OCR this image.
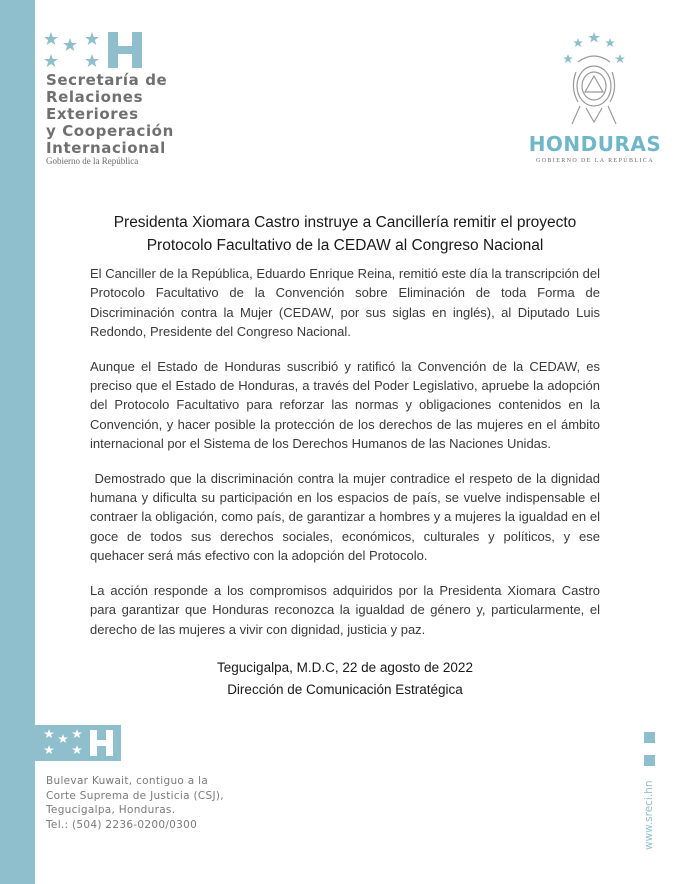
Secretaría de
Relaciones
Exteriores
y Cooperación
Internacional
Gobierno de la República
HONDURAS
GOBIERNO DE LA REPÚBLICA
Presidenta Xiomara Castro instruye a Cancillería remitir el proyecto
Protocolo Facultativo de la CEDAW al Congreso Nacional

El Canciller de la República, Eduardo Enrique Reina, remitió este día la transcripción del Protocolo Facultativo de la Convención sobre Eliminación de toda Forma de Discriminación contra la Mujer (CEDAW, por sus siglas en inglés), al Diputado Luis Redondo, Presidente del Congreso Nacional.

Aunque el Estado de Honduras suscribió y ratificó la Convención de la CEDAW, es preciso que el Estado de Honduras, a través del Poder Legislativo, apruebe la adopción del Protocolo Facultativo para reforzar las normas y obligaciones contenidos en la Convención, y hacer posible la protección de los derechos de las mujeres en el ámbito internacional por el Sistema de los Derechos Humanos de las Naciones Unidas.

Demostrado que la discriminación contra la mujer contradice el respeto de la dignidad humana y dificulta su participación en los espacios de país, se vuelve indispensable el contraer la obligación, como país, de garantizar a hombres y a mujeres la igualdad en el goce de todos sus derechos sociales, económicos, culturales y políticos, y ese quehacer será más efectivo con la adopción del Protocolo.

La acción responde a los compromisos adquiridos por la Presidenta Xiomara Castro para garantizar que Honduras reconozca la igualdad de género y, particularmente, el derecho de las mujeres a vivir con dignidad, justicia y paz.

Tegucigalpa, M.D.C, 22 de agosto de 2022
Dirección de Comunicación Estratégica
Bulevar Kuwait, contiguo a la
Corte Suprema de Justicia (CSJ),
Tegucigalpa, Honduras.
Tel.: (504) 2236-0200/0300	www.sreci.hn
